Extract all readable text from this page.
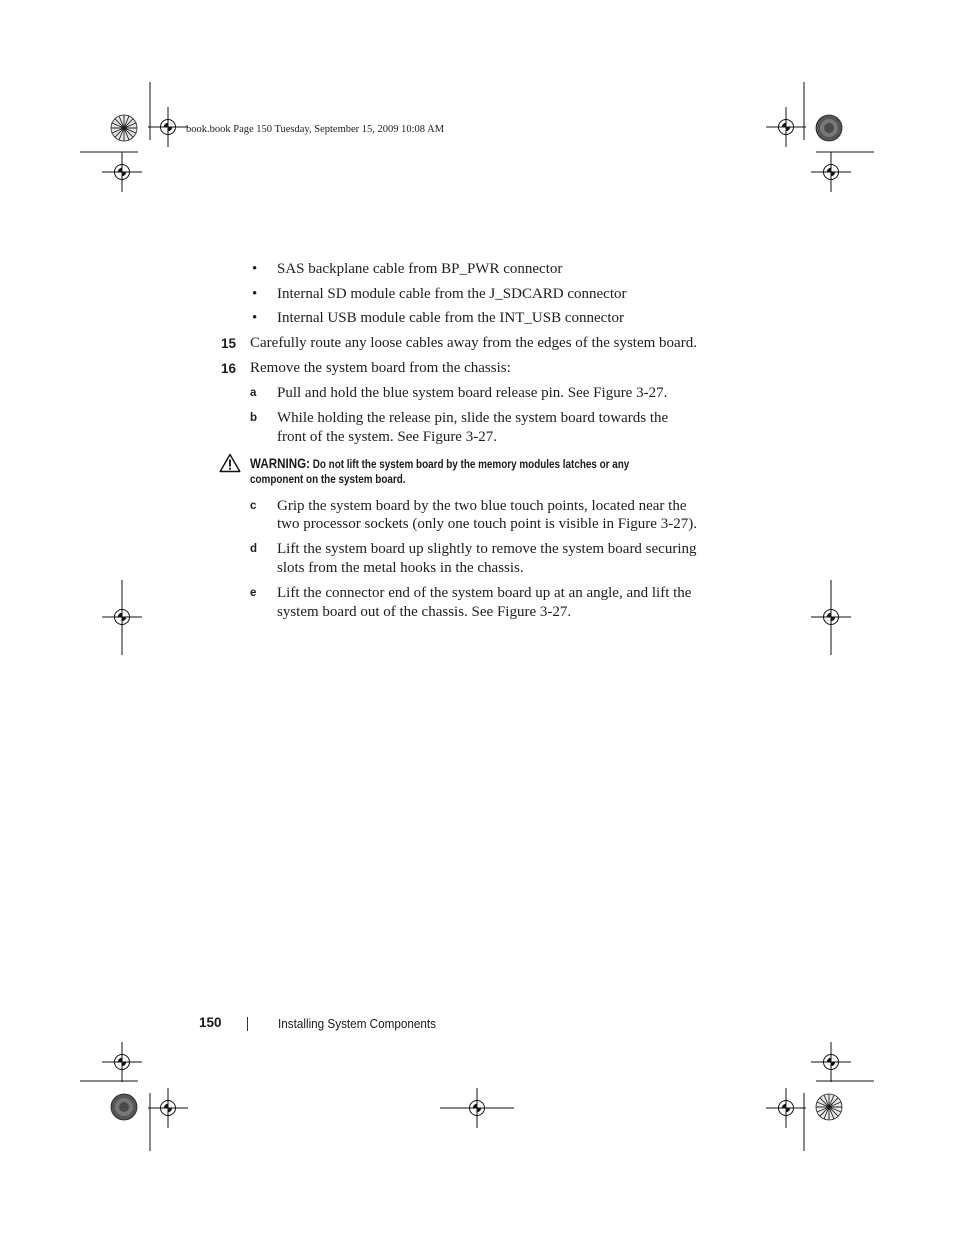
book.book Page 150 Tuesday, September 15, 2009 10:08 AM
• SAS backplane cable from BP_PWR connector
• Internal SD module cable from the J_SDCARD connector
• Internal USB module cable from the INT_USB connector
15 Carefully route any loose cables away from the edges of the system board.
16 Remove the system board from the chassis:
a Pull and hold the blue system board release pin. See Figure 3-27.
b While holding the release pin, slide the system board towards the
front of the system. See Figure 3-27.
WARNING: Do not lift the system board by the memory modules latches or any
component on the system board.
c Grip the system board by the two blue touch points, located near the
two processor sockets (only one touch point is visible in Figure 3-27).
d Lift the system board up slightly to remove the system board securing
slots from the metal hooks in the chassis.
e Lift the connector end of the system board up at an angle, and lift the
system board out of the chassis. See Figure 3-27.
150	Installing System Components
